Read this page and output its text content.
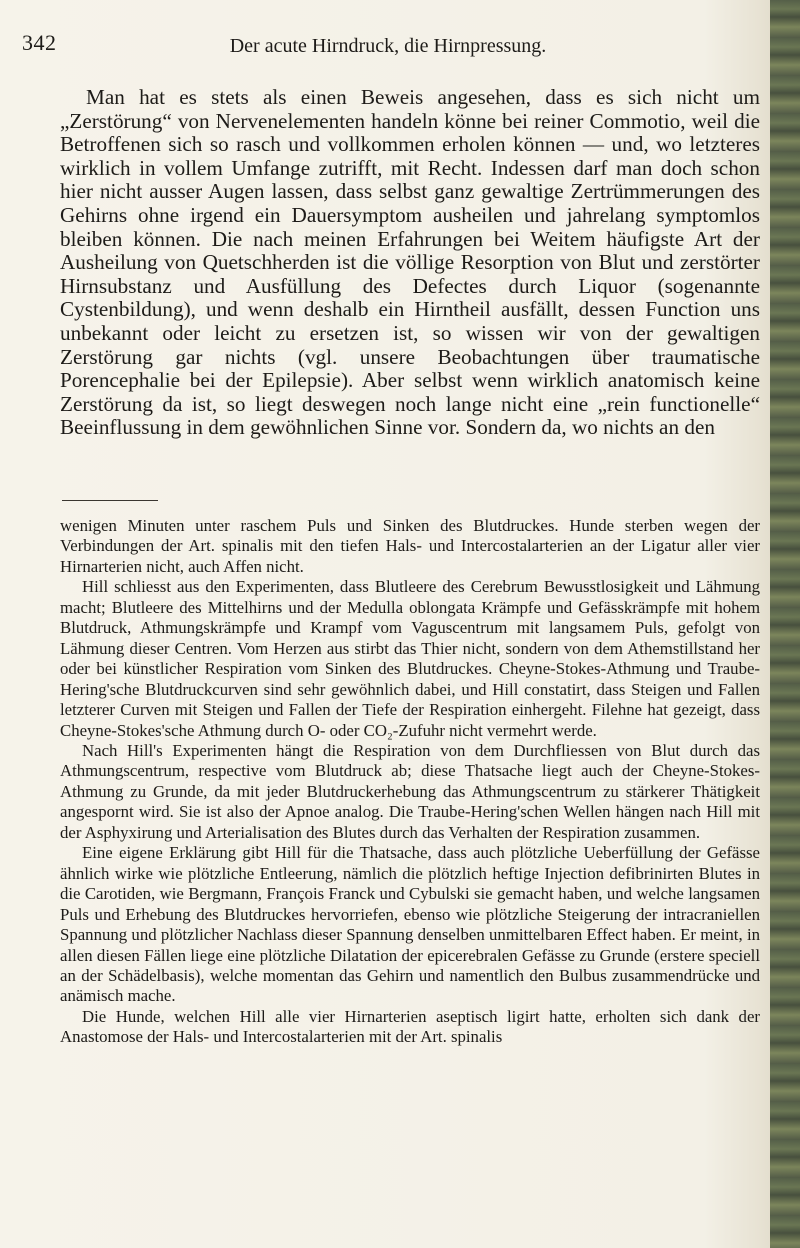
342	Der acute Hirndruck, die Hirnpressung.

Man hat es stets als einen Beweis angesehen, dass es sich nicht um „Zerstörung“ von Nervenelementen handeln könne bei reiner Commotio, weil die Betroffenen sich so rasch und vollkommen erholen können — und, wo letzteres wirklich in vollem Umfange zutrifft, mit Recht. Indessen darf man doch schon hier nicht ausser Augen lassen, dass selbst ganz gewaltige Zertrümmerungen des Gehirns ohne irgend ein Dauersymptom ausheilen und jahrelang symptomlos bleiben können. Die nach meinen Erfahrungen bei Weitem häufigste Art der Ausheilung von Quetschherden ist die völlige Resorption von Blut und zerstörter Hirnsubstanz und Ausfüllung des Defectes durch Liquor (sogenannte Cystenbildung), und wenn deshalb ein Hirntheil ausfällt, dessen Function uns unbekannt oder leicht zu ersetzen ist, so wissen wir von der gewaltigen Zerstörung gar nichts (vgl. unsere Beobachtungen über traumatische Porencephalie bei der Epilepsie). Aber selbst wenn wirklich anatomisch keine Zerstörung da ist, so liegt deswegen noch lange nicht eine „rein functionelle“ Beeinflussung in dem gewöhnlichen Sinne vor. Sondern da, wo nichts an den

wenigen Minuten unter raschem Puls und Sinken des Blutdruckes. Hunde sterben wegen der Verbindungen der Art. spinalis mit den tiefen Hals- und Intercostalarterien an der Ligatur aller vier Hirnarterien nicht, auch Affen nicht.

Hill schliesst aus den Experimenten, dass Blutleere des Cerebrum Bewusstlosigkeit und Lähmung macht; Blutleere des Mittelhirns und der Medulla oblongata Krämpfe und Gefässkrämpfe mit hohem Blutdruck, Athmungskrämpfe und Krampf vom Vaguscentrum mit langsamem Puls, gefolgt von Lähmung dieser Centren. Vom Herzen aus stirbt das Thier nicht, sondern von dem Athemstillstand her oder bei künstlicher Respiration vom Sinken des Blutdruckes. Cheyne-Stokes-Athmung und Traube-Hering'sche Blutdruckcurven sind sehr gewöhnlich dabei, und Hill constatirt, dass Steigen und Fallen letzterer Curven mit Steigen und Fallen der Tiefe der Respiration einhergeht. Filehne hat gezeigt, dass Cheyne-Stokes'sche Athmung durch O- oder CO₂-Zufuhr nicht vermehrt werde.

Nach Hill's Experimenten hängt die Respiration von dem Durchfliessen von Blut durch das Athmungscentrum, respective vom Blutdruck ab; diese Thatsache liegt auch der Cheyne-Stokes-Athmung zu Grunde, da mit jeder Blutdruckerhebung das Athmungscentrum zu stärkerer Thätigkeit angespornt wird. Sie ist also der Apnoe analog. Die Traube-Hering'schen Wellen hängen nach Hill mit der Asphyxirung und Arterialisation des Blutes durch das Verhalten der Respiration zusammen.

Eine eigene Erklärung gibt Hill für die Thatsache, dass auch plötzliche Ueberfüllung der Gefässe ähnlich wirke wie plötzliche Entleerung, nämlich die plötzlich heftige Injection defibrinirten Blutes in die Carotiden, wie Bergmann, François Franck und Cybulski sie gemacht haben, und welche langsamen Puls und Erhebung des Blutdruckes hervorriefen, ebenso wie plötzliche Steigerung der intracraniellen Spannung und plötzlicher Nachlass dieser Spannung denselben unmittelbaren Effect haben. Er meint, in allen diesen Fällen liege eine plötzliche Dilatation der epicerebralen Gefässe zu Grunde (erstere speciell an der Schädelbasis), welche momentan das Gehirn und namentlich den Bulbus zusammendrücke und anämisch mache.

Die Hunde, welchen Hill alle vier Hirnarterien aseptisch ligirt hatte, erholten sich dank der Anastomose der Hals- und Intercostalarterien mit der Art. spinalis
